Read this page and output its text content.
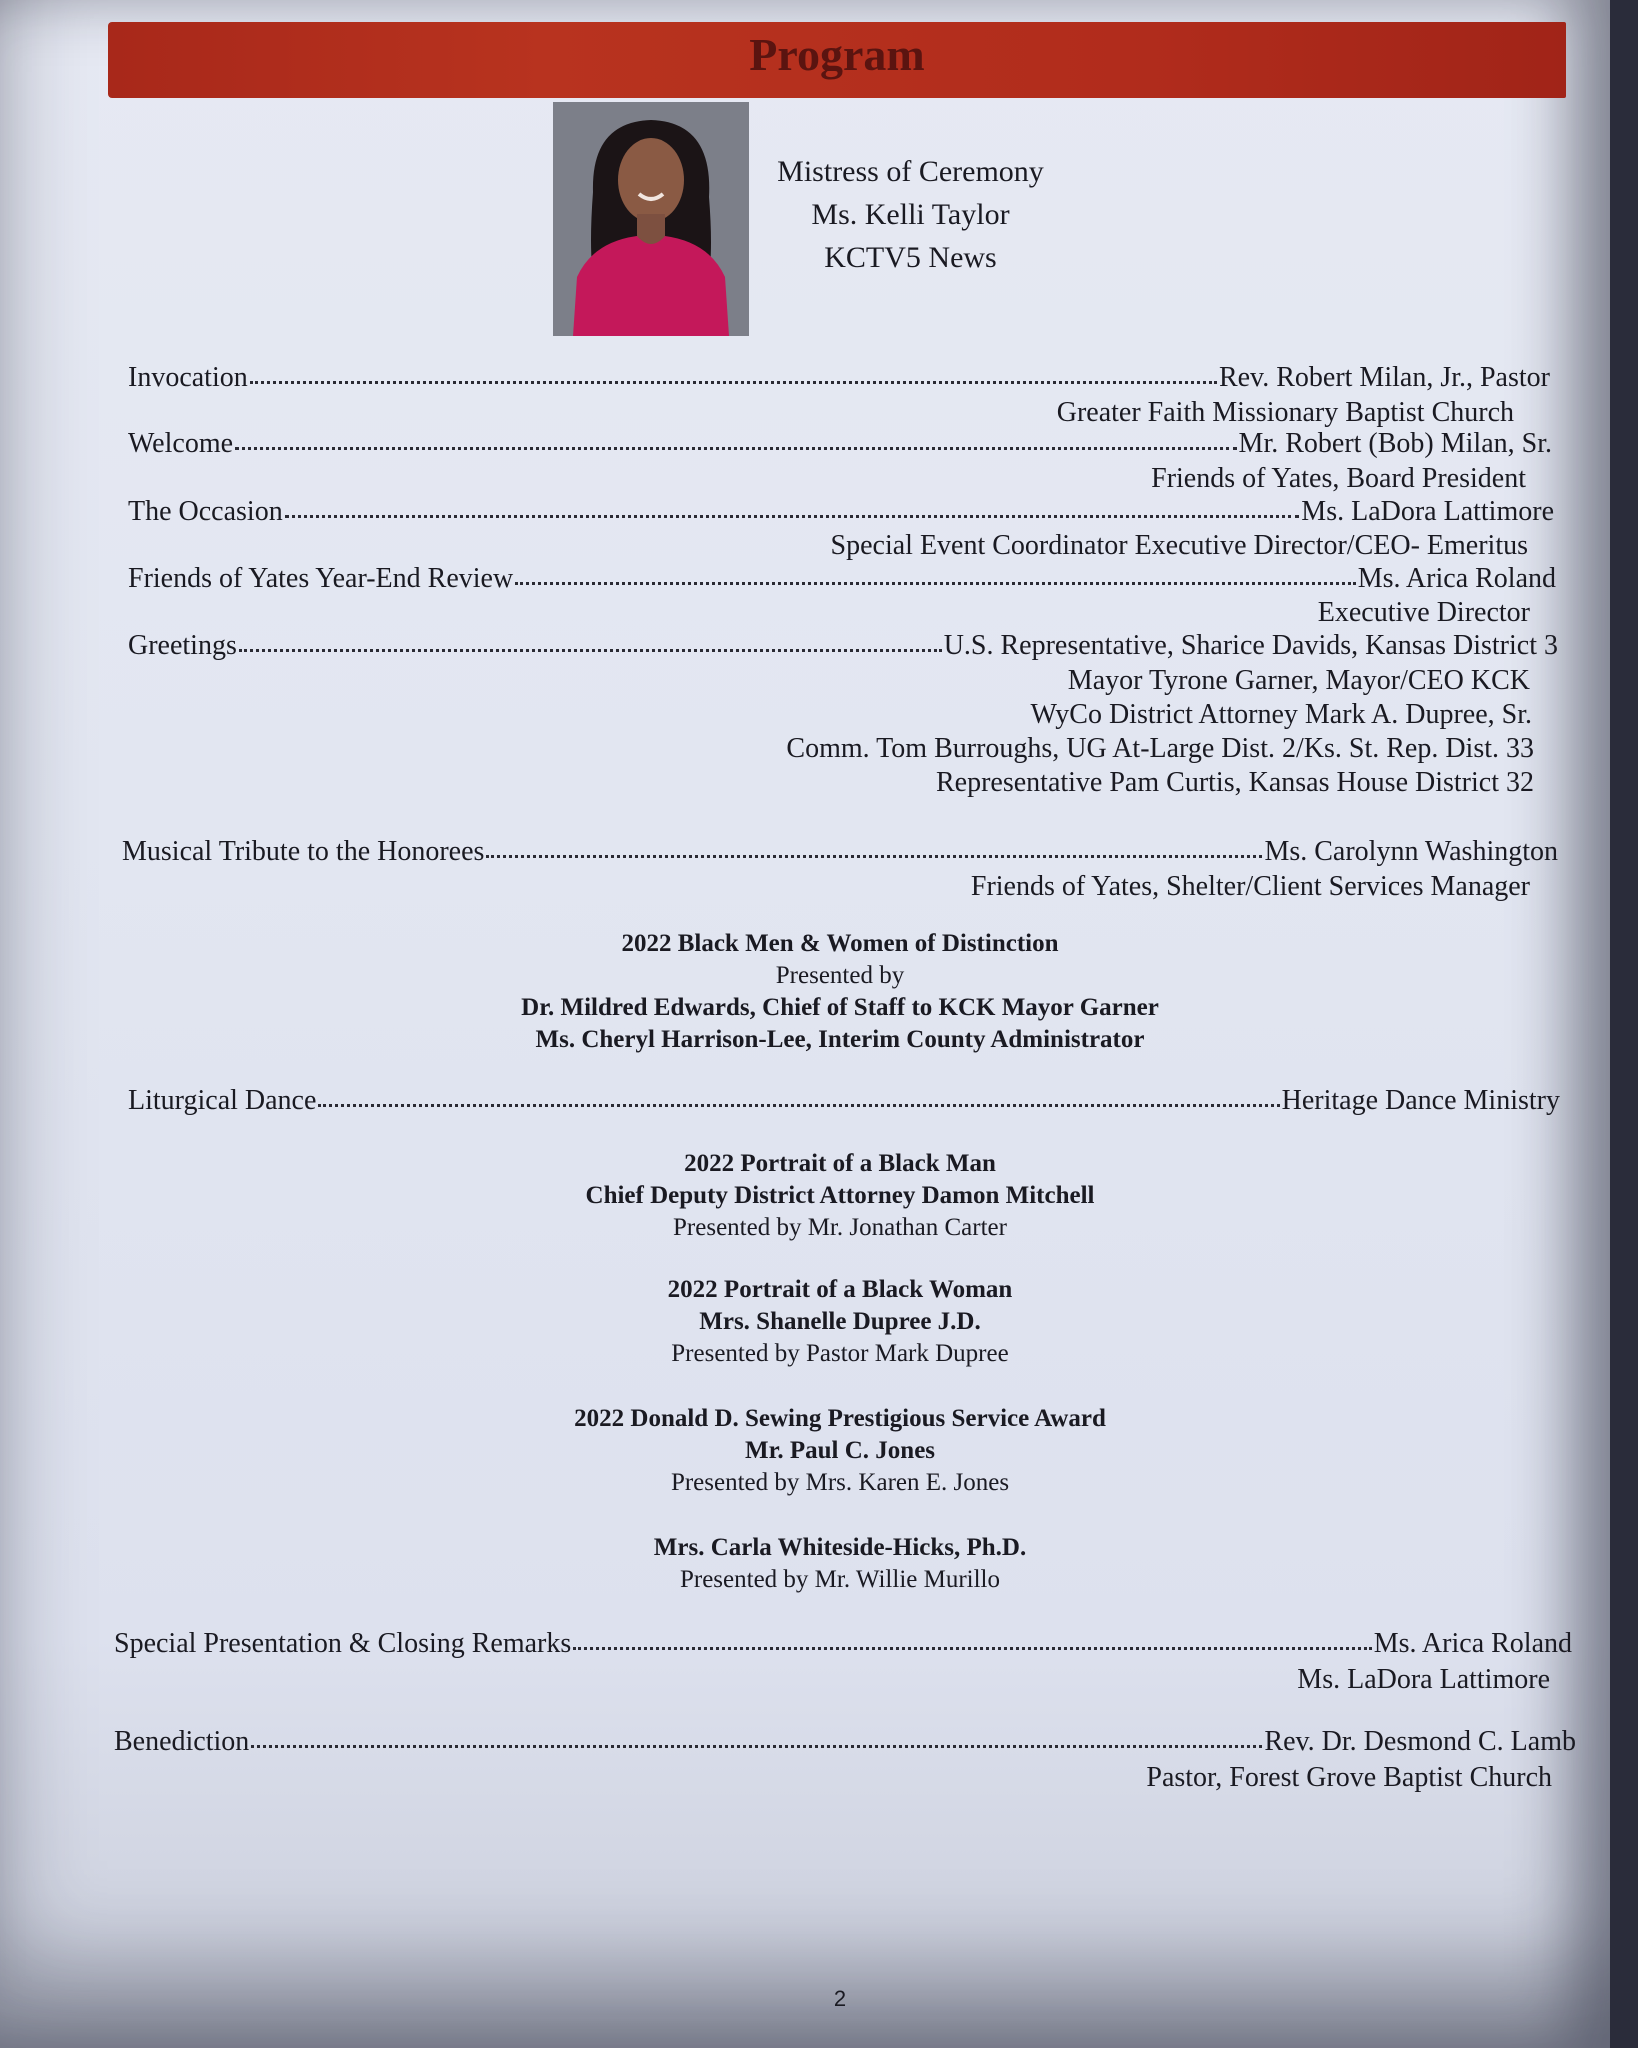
Program
Mistress of Ceremony
Ms. Kelli Taylor
KCTV5 News
Invocation	Rev. Robert Milan, Jr., Pastor
Greater Faith Missionary Baptist Church
Welcome	Mr. Robert (Bob) Milan, Sr.
Friends of Yates, Board President
The Occasion	Ms. LaDora Lattimore
Special Event Coordinator Executive Director/CEO- Emeritus
Friends of Yates Year-End Review	Ms. Arica Roland
Executive Director
Greetings	U.S. Representative, Sharice Davids, Kansas District 3
Mayor Tyrone Garner, Mayor/CEO KCK
WyCo District Attorney Mark A. Dupree, Sr.
Comm. Tom Burroughs, UG At-Large Dist. 2/Ks. St. Rep. Dist. 33
Representative Pam Curtis, Kansas House District 32
Musical Tribute to the Honorees	Ms. Carolynn Washington
Friends of Yates, Shelter/Client Services Manager
2022 Black Men & Women of Distinction
Presented by
Dr. Mildred Edwards, Chief of Staff to KCK Mayor Garner
Ms. Cheryl Harrison-Lee, Interim County Administrator
Liturgical Dance	Heritage Dance Ministry
2022 Portrait of a Black Man
Chief Deputy District Attorney Damon Mitchell
Presented by Mr. Jonathan Carter
2022 Portrait of a Black Woman
Mrs. Shanelle Dupree J.D.
Presented by Pastor Mark Dupree
2022 Donald D. Sewing Prestigious Service Award
Mr. Paul C. Jones
Presented by Mrs. Karen E. Jones
Mrs. Carla Whiteside-Hicks, Ph.D.
Presented by Mr. Willie Murillo
Special Presentation & Closing Remarks	Ms. Arica Roland
Ms. LaDora Lattimore
Benediction	Rev. Dr. Desmond C. Lamb
Pastor, Forest Grove Baptist Church
2
